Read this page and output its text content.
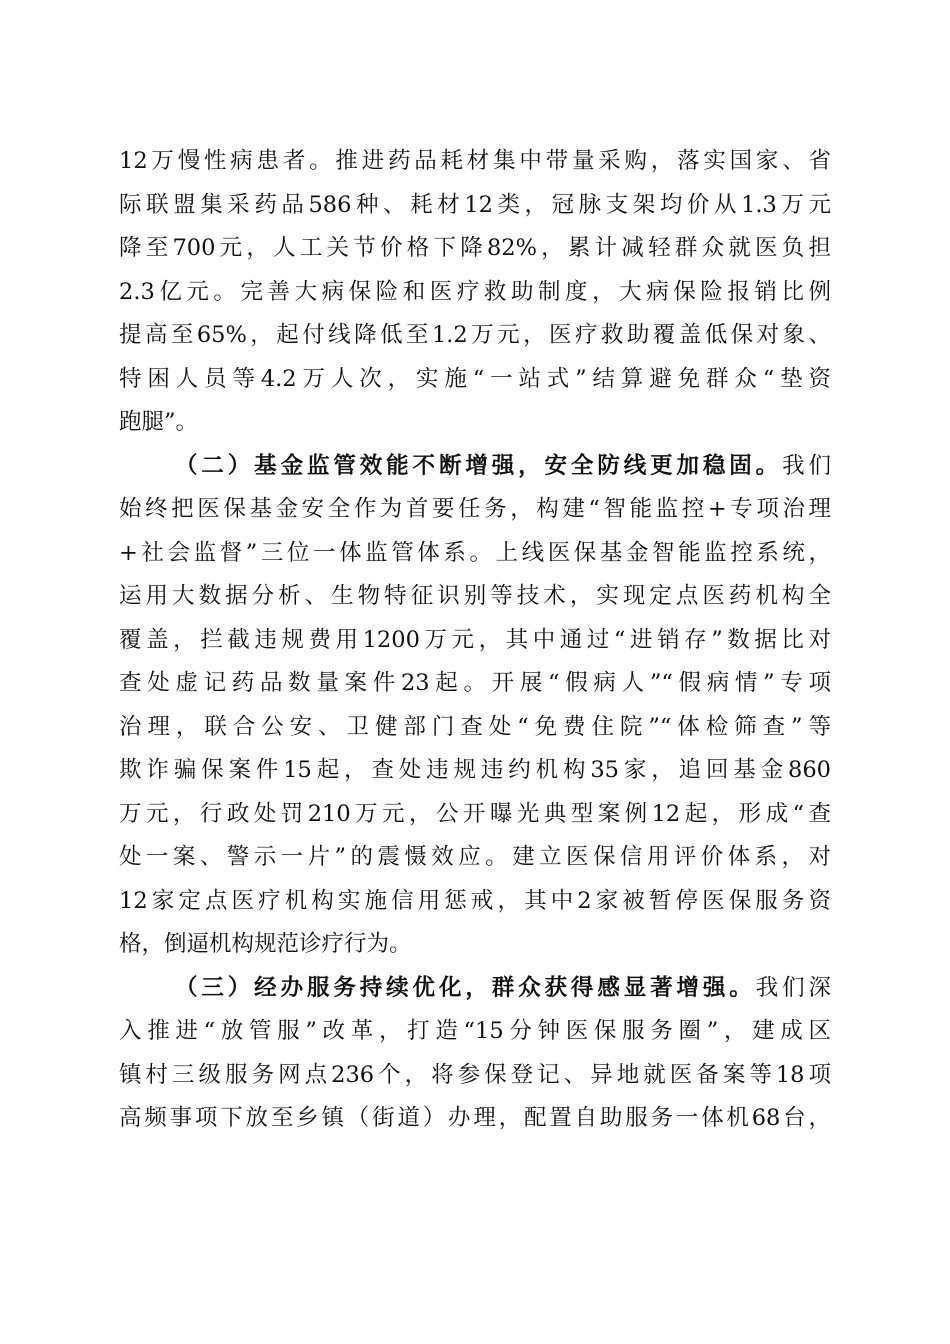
12万慢性病患者。推进药品耗材集中带量采购，落实国家、省
际联盟集采药品586种、耗材12类，冠脉支架均价从1.3万元
降至700元，人工关节价格下降82%，累计减轻群众就医负担
2.3亿元。完善大病保险和医疗救助制度，大病保险报销比例
提高至65%，起付线降低至1.2万元，医疗救助覆盖低保对象、
特困人员等4.2万人次，实施“一站式”结算避免群众“垫资
跑腿”。
（二）基金监管效能不断增强，安全防线更加稳固。我们
始终把医保基金安全作为首要任务，构建“智能监控+专项治理
+社会监督”三位一体监管体系。上线医保基金智能监控系统，
运用大数据分析、生物特征识别等技术，实现定点医药机构全
覆盖，拦截违规费用1200万元，其中通过“进销存”数据比对
查处虚记药品数量案件23起。开展“假病人”“假病情”专项
治理，联合公安、卫健部门查处“免费住院”“体检筛查”等
欺诈骗保案件15起，查处违规违约机构35家，追回基金860
万元，行政处罚210万元，公开曝光典型案例12起，形成“查
处一案、警示一片”的震慑效应。建立医保信用评价体系，对
12家定点医疗机构实施信用惩戒，其中2家被暂停医保服务资
格，倒逼机构规范诊疗行为。
（三）经办服务持续优化，群众获得感显著增强。我们深
入推进“放管服”改革，打造“15分钟医保服务圈”，建成区
镇村三级服务网点236个，将参保登记、异地就医备案等18项
高频事项下放至乡镇（街道）办理，配置自助服务一体机68台，
